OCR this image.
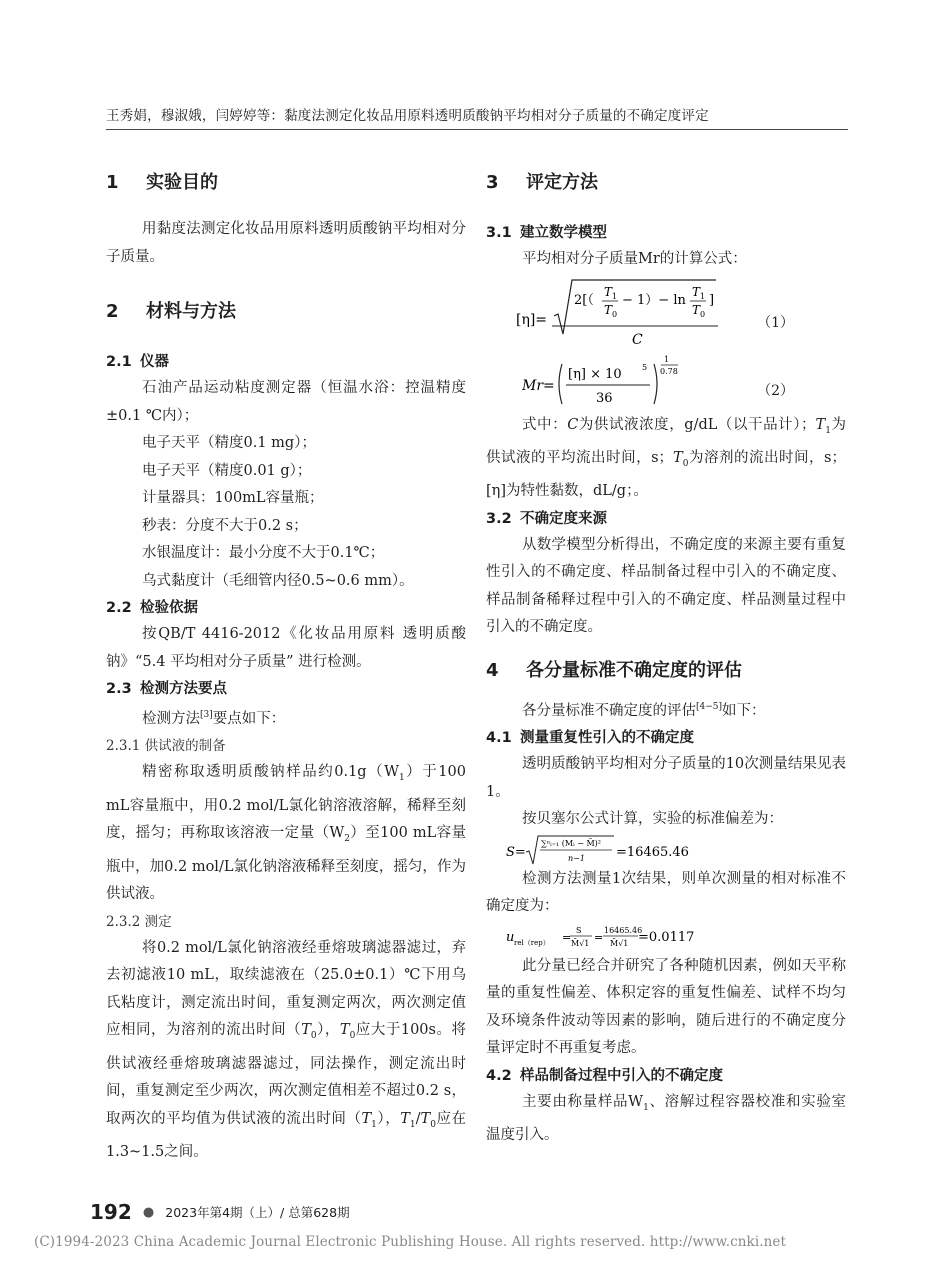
王秀娟，穆淑娥，闫婷婷等：黏度法测定化妆品用原料透明质酸钠平均相对分子质量的不确定度评定
1 实验目的
用黏度法测定化妆品用原料透明质酸钠平均相对分子质量。
2 材料与方法
2.1 仪器
石油产品运动粘度测定器（恒温水浴：控温精度±0.1 ℃内）；
电子天平（精度0.1 mg）；
电子天平（精度0.01 g）；
计量器具：100mL容量瓶；
秒表：分度不大于0.2 s；
水银温度计：最小分度不大于0.1℃；
乌式黏度计（毛细管内径0.5~0.6 mm）。
2.2 检验依据
按QB/T 4416-2012《化妆品用原料 透明质酸钠》“5.4 平均相对分子质量” 进行检测。
2.3 检测方法要点
检测方法[3]要点如下：
2.3.1 供试液的制备
精密称取透明质酸钠样品约$0.1g(W_1)$于100 mL容量瓶中，用0.2 mol/L氯化钠溶液溶解，稀释至刻度，摇匀；再称取该溶液一定量$(W_2)$至100 mL容量瓶中，加0.2 mol/L氯化钠溶液稀释至刻度，摇匀，作为供试液。
2.3.2 测定
将0.2 mol/L氯化钠溶液经垂熔玻璃滤器滤过，弃去初滤液10 mL，取续滤液在（25.0±0.1）℃下用乌氏粘度计，测定流出时间，重复测定两次，两次测定值应相同，为溶剂的流出时间$(T_0)$，$T_0$应大于100s。将供试液经垂熔玻璃滤器滤过，同法操作，测定流出时间，重复测定至少两次，两次测定值相差不超过0.2 s，取两次的平均值为供试液的流出时间$(T_1)$，$T_1/T_0$应在1.3~1.5之间。
3 评定方法
3.1 建立数学模型
平均相对分子质量Mr的计算公式：
[η]=
2[（
T 1
T 0
− 1）− ln
T 1
T 0
]
C
（1）
Mr=
[η] × 10	5
36
1
0.78
（2）
式中：C为供试液浓度，g/dL（以干品计）；$T_1$为供试液的平均流出时间，s；$T_0$为溶剂的流出时间，s；[η]为特性黏数，dL/g；。
3.2 不确定度来源
从数学模型分析得出，不确定度的来源主要有重复性引入的不确定度、样品制备过程中引入的不确定度、样品制备稀释过程中引入的不确定度、样品测量过程中引入的不确定度。
4 各分量标准不确定度的评估
各分量标准不确定度的评估[4−5]如下：
4.1 测量重复性引入的不确定度
透明质酸钠平均相对分子质量的10次测量结果见表1。
按贝塞尔公式计算，实验的标准偏差为：
S=
∑ⁿᵢ₌₁ (Mᵢ − M̄)²
n−1 =16465.46
检测方法测量1次结果，则单次测量的相对标准不确定度为：
u rel（rep） =
S
M̄√1 =
16465.46
M̄√1 =0.0117
此分量已经合并研究了各种随机因素，例如天平称量的重复性偏差、体积定容的重复性偏差、试样不均匀及环境条件波动等因素的影响，随后进行的不确定度分量评定时不再重复考虑。
4.2 样品制备过程中引入的不确定度
主要由称量样品$W_1$、溶解过程容器校准和实验室温度引入。
192 ● 2023年第4期（上）/ 总第628期
(C)1994-2023 China Academic Journal Electronic Publishing House. All rights reserved. http://www.cnki.net
